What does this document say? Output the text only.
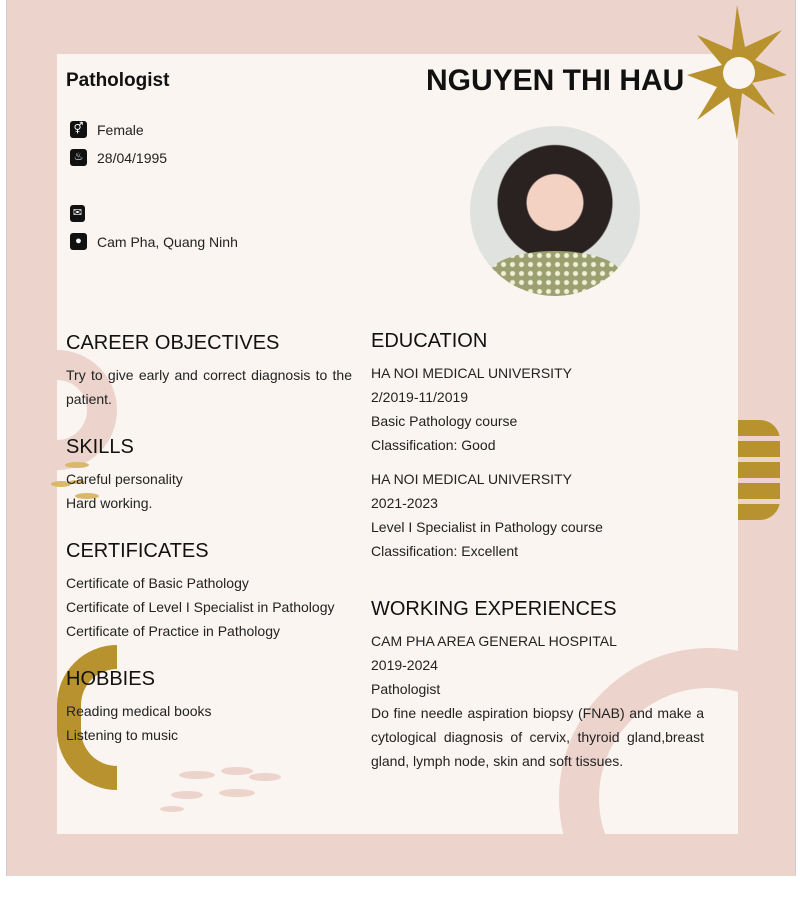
Pathologist	NGUYEN THI HAU
⚥ Female
♨ 28/04/1995
✉
●	Cam Pha, Quang Ninh
CAREER OBJECTIVES
Try to give early and correct diagnosis to the patient.
SKILLS
Careful personality
Hard working.
CERTIFICATES
Certificate of Basic Pathology
Certificate of Level I Specialist in Pathology
Certificate of Practice in Pathology
HOBBIES
Reading medical books
Listening to music
EDUCATION
HA NOI MEDICAL UNIVERSITY
2/2019-11/2019
Basic Pathology course
Classification: Good
HA NOI MEDICAL UNIVERSITY
2021-2023
Level I Specialist in Pathology course
Classification: Excellent
WORKING EXPERIENCES
CAM PHA AREA GENERAL HOSPITAL
2019-2024
Pathologist
Do fine needle aspiration biopsy (FNAB) and make a cytological diagnosis of cervix, thyroid gland,breast gland, lymph node, skin and soft tissues.
